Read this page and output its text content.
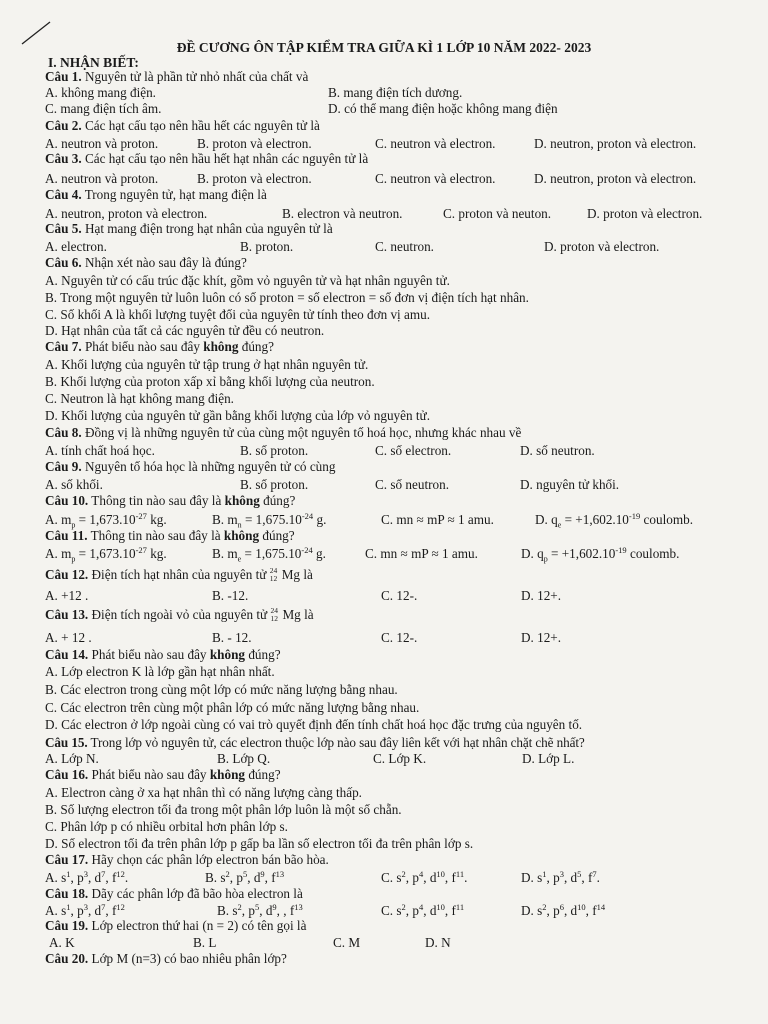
ĐỀ CƯƠNG ÔN TẬP KIỂM TRA GIỮA KÌ 1 LỚP 10 NĂM 2022- 2023
I. NHẬN BIẾT:
Câu 1. Nguyên tử là phần tử nhỏ nhất của chất và
A. không mang điện.	B. mang điện tích dương.
C. mang điện tích âm.	D. có thể mang điện hoặc không mang điện
Câu 2. Các hạt cấu tạo nên hầu hết các nguyên tử là
A. neutron và proton.	B. proton và electron.	C. neutron và electron.	D. neutron, proton và electron.
Câu 3. Các hạt cấu tạo nên hầu hết hạt nhân các nguyên tử là
A. neutron và proton.	B. proton và electron.	C. neutron và electron.	D. neutron, proton và electron.
Câu 4. Trong nguyên tử, hạt mang điện là
A. neutron, proton và electron.	B. electron và neutron.	C. proton và neuton.	D. proton và electron.
Câu 5. Hạt mang điện trong hạt nhân của nguyên tử là
A. electron.	B. proton.	C. neutron.	D. proton và electron.
Câu 6. Nhận xét nào sau đây là đúng?
A. Nguyên tử có cấu trúc đặc khít, gồm vỏ nguyên tử và hạt nhân nguyên tử.
B. Trong một nguyên tử luôn luôn có số proton = số electron = số đơn vị điện tích hạt nhân.
C. Số khối A là khối lượng tuyệt đối của nguyên tử tính theo đơn vị amu.
D. Hạt nhân của tất cả các nguyên tử đều có neutron.
Câu 7. Phát biểu nào sau đây không đúng?
A. Khối lượng của nguyên tử tập trung ở hạt nhân nguyên tử.
B. Khối lượng của proton xấp xỉ bằng khối lượng của neutron.
C. Neutron là hạt không mang điện.
D. Khối lượng của nguyên tử gần bằng khối lượng của lớp vỏ nguyên tử.
Câu 8. Đồng vị là những nguyên tử của cùng một nguyên tố hoá học, nhưng khác nhau về
A. tính chất hoá học.	B. số proton.	C. số electron.	D. số neutron.
Câu 9. Nguyên tố hóa học là những nguyên tử có cùng
A. số khối.	B. số proton.	C. số neutron.	D. nguyên tử khối.
Câu 10. Thông tin nào sau đây là không đúng?
A. $m_p = 1,673.10^{-27}$ kg.	B. $m_n = 1,675.10^{-24}$ g.	C. mn ≈ mP ≈ 1 amu.	D. $q_e = +1,602.10^{-19}$ coulomb.
Câu 11. Thông tin nào sau đây là không đúng?
A. $m_p = 1,673.10^{-27}$ kg.	B. $m_e = 1,675.10^{-24}$ g.	C. mn ≈ mP ≈ 1 amu.	D. $q_p = +1,602.10^{-19}$ coulomb.
Câu 12. Điện tích hạt nhân của nguyên tử 24
12 Mg là
A. +12 .	B. -12.	C. 12-.	D. 12+.
Câu 13. Điện tích ngoài vỏ của nguyên tử 24
12 Mg là
A. + 12 .	B. - 12.	C. 12-.	D. 12+.
Câu 14. Phát biểu nào sau đây không đúng?
A. Lớp electron K là lớp gần hạt nhân nhất.
B. Các electron trong cùng một lớp có mức năng lượng bằng nhau.
C. Các electron trên cùng một phân lớp có mức năng lượng bằng nhau.
D. Các electron ở lớp ngoài cùng có vai trò quyết định đến tính chất hoá học đặc trưng của nguyên tố.
Câu 15. Trong lớp vỏ nguyên tử, các electron thuộc lớp nào sau đây liên kết với hạt nhân chặt chẽ nhất?
A. Lớp N.	B. Lớp Q.	C. Lớp K.	D. Lớp L.
Câu 16. Phát biểu nào sau đây không đúng?
A. Electron càng ở xa hạt nhân thì có năng lượng càng thấp.
B. Số lượng electron tối đa trong một phân lớp luôn là một số chẵn.
C. Phân lớp p có nhiều orbital hơn phân lớp s.
D. Số electron tối đa trên phân lớp p gấp ba lần số electron tối đa trên phân lớp s.
Câu 17. Hãy chọn các phân lớp electron bán bão hòa.
A. $s^1$, $p^3$, $d^7$, $f^{12}$.	B. $s^2$, $p^5$, $d^9$, $f^{13}$	C. $s^2$, $p^4$, $d^{10}$, $f^{11}$.	D. $s^1$, $p^3$, $d^5$, $f^7$.
Câu 18. Dãy các phân lớp đã bão hòa electron là
A. $s^1$, $p^3$, $d^7$, $f^{12}$	B. $s^2$, $p^5$, $d^9$, , $f^{13}$	C. $s^2$, $p^4$, $d^{10}$, $f^{11}$	D. $s^2$, $p^6$, $d^{10}$, $f^{14}$
Câu 19. Lớp electron thứ hai (n = 2) có tên gọi là
A. K	B. L	C. M	D. N
Câu 20. Lớp M (n=3) có bao nhiêu phân lớp?
